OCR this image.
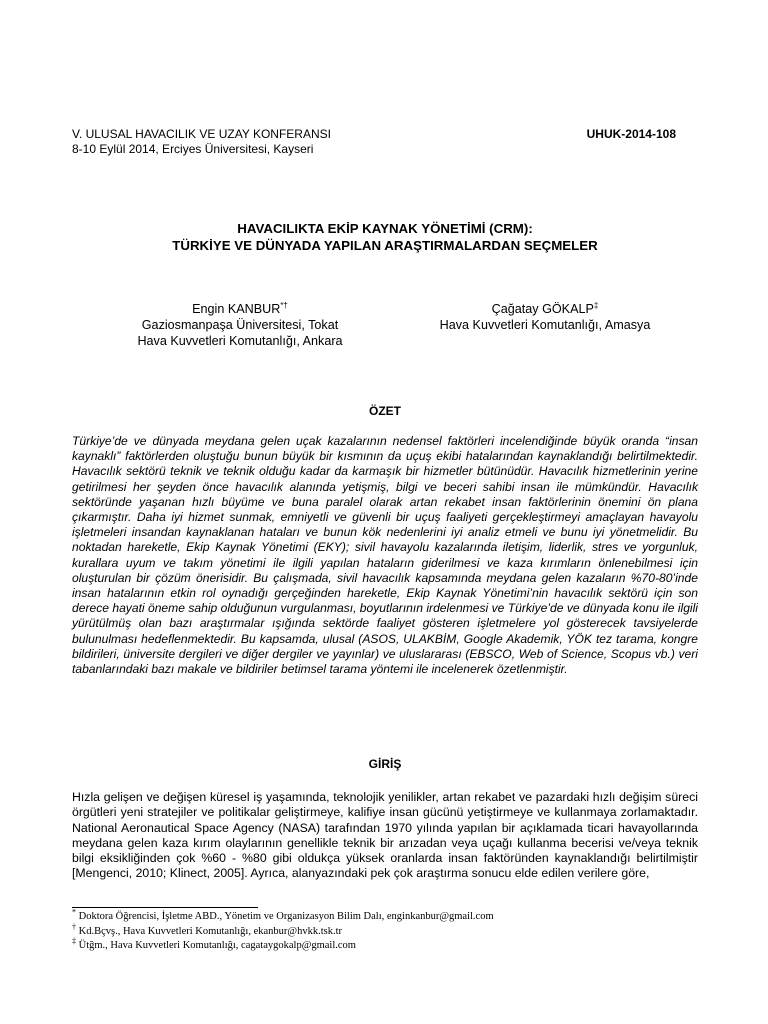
V. ULUSAL HAVACILIK VE UZAY KONFERANSI
8-10 Eylül 2014, Erciyes Üniversitesi, Kayseri
UHUK-2014-108
HAVACILIKTA EKİP KAYNAK YÖNETİMİ (CRM):
TÜRKİYE VE DÜNYADA YAPILAN ARAŞTIRMALARDAN SEÇMELER
Engin KANBUR*†
Gaziosmanpaşa Üniversitesi, Tokat
Hava Kuvvetleri Komutanlığı, Ankara
Çağatay GÖKALP‡
Hava Kuvvetleri Komutanlığı, Amasya
ÖZET

Türkiye’de ve dünyada meydana gelen uçak kazalarının nedensel faktörleri incelendiğinde büyük oranda “insan kaynaklı” faktörlerden oluştuğu bunun büyük bir kısmının da uçuş ekibi hatalarından kaynaklandığı belirtilmektedir. Havacılık sektörü teknik ve teknik olduğu kadar da karmaşık bir hizmetler bütünüdür. Havacılık hizmetlerinin yerine getirilmesi her şeyden önce havacılık alanında yetişmiş, bilgi ve beceri sahibi insan ile mümkündür. Havacılık sektöründe yaşanan hızlı büyüme ve buna paralel olarak artan rekabet insan faktörlerinin önemini ön plana çıkarmıştır. Daha iyi hizmet sunmak, emniyetli ve güvenli bir uçuş faaliyeti gerçekleştirmeyi amaçlayan havayolu işletmeleri insandan kaynaklanan hataları ve bunun kök nedenlerini iyi analiz etmeli ve bunu iyi yönetmelidir. Bu noktadan hareketle, Ekip Kaynak Yönetimi (EKY); sivil havayolu kazalarında iletişim, liderlik, stres ve yorgunluk, kurallara uyum ve takım yönetimi ile ilgili yapılan hataların giderilmesi ve kaza kırımların önlenebilmesi için oluşturulan bir çözüm önerisidir. Bu çalışmada, sivil havacılık kapsamında meydana gelen kazaların %70-80’inde insan hatalarının etkin rol oynadığı gerçeğinden hareketle, Ekip Kaynak Yönetimi’nin havacılık sektörü için son derece hayati öneme sahip olduğunun vurgulanması, boyutlarının irdelenmesi ve Türkiye’de ve dünyada konu ile ilgili yürütülmüş olan bazı araştırmalar ışığında sektörde faaliyet gösteren işletmelere yol gösterecek tavsiyelerde bulunulması hedeflenmektedir. Bu kapsamda, ulusal (ASOS, ULAKBİM, Google Akademik, YÖK tez tarama, kongre bildirileri, üniversite dergileri ve diğer dergiler ve yayınlar) ve uluslararası (EBSCO, Web of Science, Scopus vb.) veri tabanlarındaki bazı makale ve bildiriler betimsel tarama yöntemi ile incelenerek özetlenmiştir.

GİRİŞ

Hızla gelişen ve değişen küresel iş yaşamında, teknolojik yenilikler, artan rekabet ve pazardaki hızlı değişim süreci örgütleri yeni stratejiler ve politikalar geliştirmeye, kalifiye insan gücünü yetiştirmeye ve kullanmaya zorlamaktadır. National Aeronautical Space Agency (NASA) tarafından 1970 yılında yapılan bir açıklamada ticari havayollarında meydana gelen kaza kırım olaylarının genellikle teknik bir arızadan veya uçağı kullanma becerisi ve/veya teknik bilgi eksikliğinden çok %60 - %80 gibi oldukça yüksek oranlarda insan faktöründen kaynaklandığı belirtilmiştir [Mengenci, 2010; Klinect, 2005]. Ayrıca, alanyazındaki pek çok araştırma sonucu elde edilen verilere göre,

* Doktora Öğrencisi, İşletme ABD., Yönetim ve Organizasyon Bilim Dalı, enginkanbur@gmail.com
† Kd.Bçvş., Hava Kuvvetleri Komutanlığı, ekanbur@hvkk.tsk.tr
‡ Ütğm., Hava Kuvvetleri Komutanlığı, cagataygokalp@gmail.com
